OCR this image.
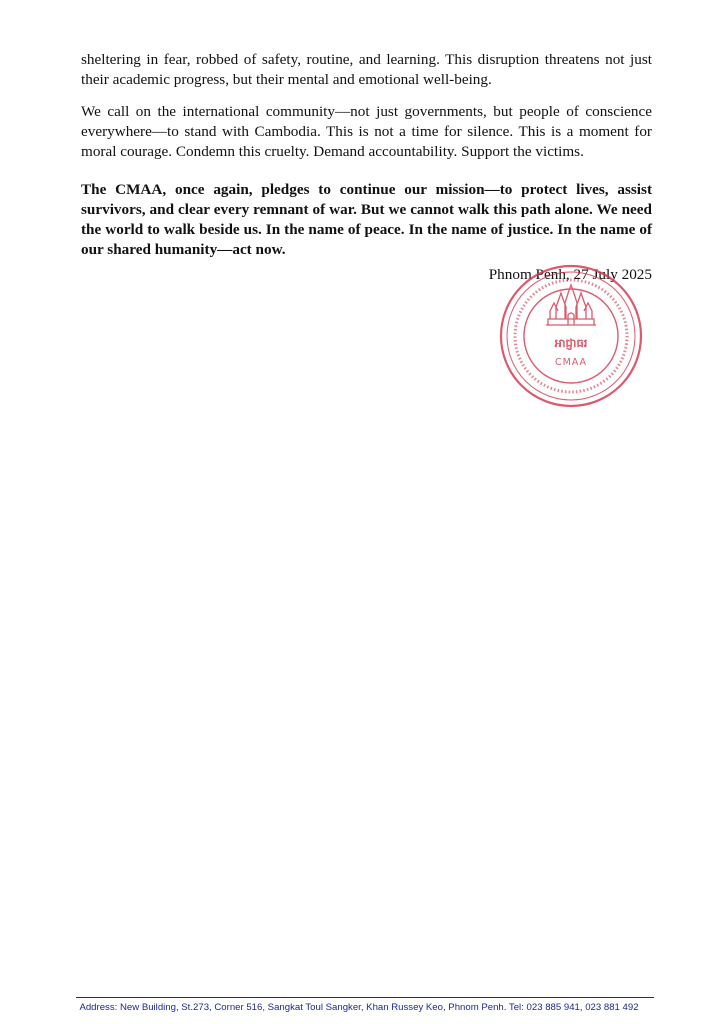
sheltering in fear, robbed of safety, routine, and learning. This disruption threatens not just their academic progress, but their mental and emotional well-being.

We call on the international community—not just governments, but people of conscience everywhere—to stand with Cambodia. This is not a time for silence. This is a moment for moral courage. Condemn this cruelty. Demand accountability. Support the victims.

The CMAA, once again, pledges to continue our mission—to protect lives, assist survivors, and clear every remnant of war. But we cannot walk this path alone. We need the world to walk beside us. In the name of peace. In the name of justice. In the name of our shared humanity—act now.

Phnom Penh, 27 July 2025

អាជ្ញាធរ
CMAA

Address: New Building, St.273, Corner 516, Sangkat Toul Sangker, Khan Russey Keo, Phnom Penh. Tel: 023 885 941, 023 881 492
